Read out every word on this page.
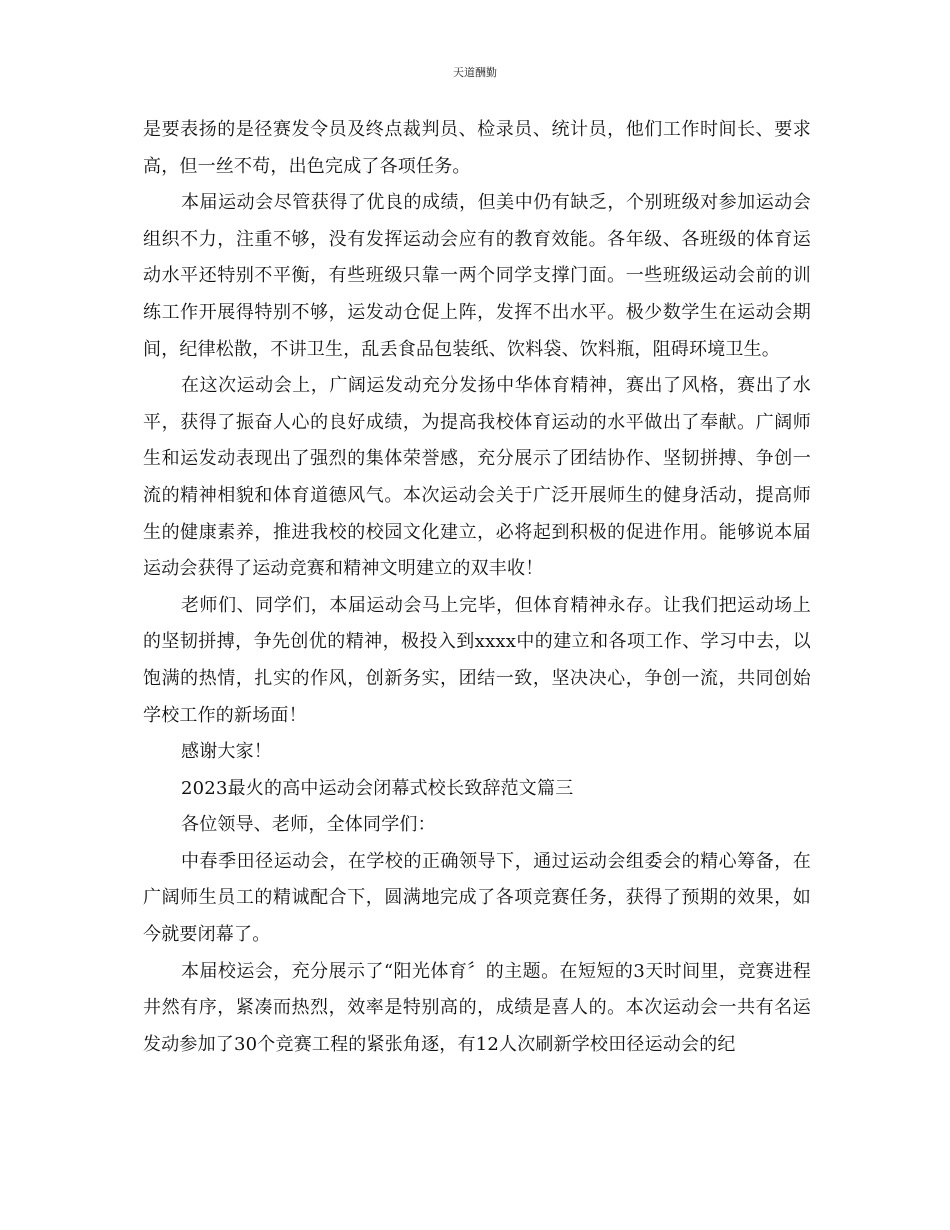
天道酬勤

是要表扬的是径赛发令员及终点裁判员、检录员、统计员，他们工作时间长、要求高，但一丝不苟，出色完成了各项任务。

本届运动会尽管获得了优良的成绩，但美中仍有缺乏，个别班级对参加运动会组织不力，注重不够，没有发挥运动会应有的教育效能。各年级、各班级的体育运动水平还特别不平衡，有些班级只靠一两个同学支撑门面。一些班级运动会前的训练工作开展得特别不够，运发动仓促上阵，发挥不出水平。极少数学生在运动会期间，纪律松散，不讲卫生，乱丢食品包装纸、饮料袋、饮料瓶，阻碍环境卫生。

在这次运动会上，广阔运发动充分发扬中华体育精神，赛出了风格，赛出了水平，获得了振奋人心的良好成绩，为提高我校体育运动的水平做出了奉献。广阔师生和运发动表现出了强烈的集体荣誉感，充分展示了团结协作、坚韧拼搏、争创一流的精神相貌和体育道德风气。本次运动会关于广泛开展师生的健身活动，提高师生的健康素养，推进我校的校园文化建立，必将起到积极的促进作用。能够说本届运动会获得了运动竞赛和精神文明建立的双丰收！

老师们、同学们，本届运动会马上完毕，但体育精神永存。让我们把运动场上的坚韧拼搏，争先创优的精神，极投入到xxxx中的建立和各项工作、学习中去，以饱满的热情，扎实的作风，创新务实，团结一致，坚决决心，争创一流，共同创始学校工作的新场面！

感谢大家！

2023最火的高中运动会闭幕式校长致辞范文篇三

各位领导、老师，全体同学们：

中春季田径运动会，在学校的正确领导下，通过运动会组委会的精心筹备，在广阔师生员工的精诚配合下，圆满地完成了各项竞赛任务，获得了预期的效果，如今就要闭幕了。

本届校运会，充分展示了“阳光体育〞的主题。在短短的3天时间里，竞赛进程井然有序，紧凑而热烈，效率是特别高的，成绩是喜人的。本次运动会一共有名运发动参加了30个竞赛工程的紧张角逐，有12人次刷新学校田径运动会的纪
